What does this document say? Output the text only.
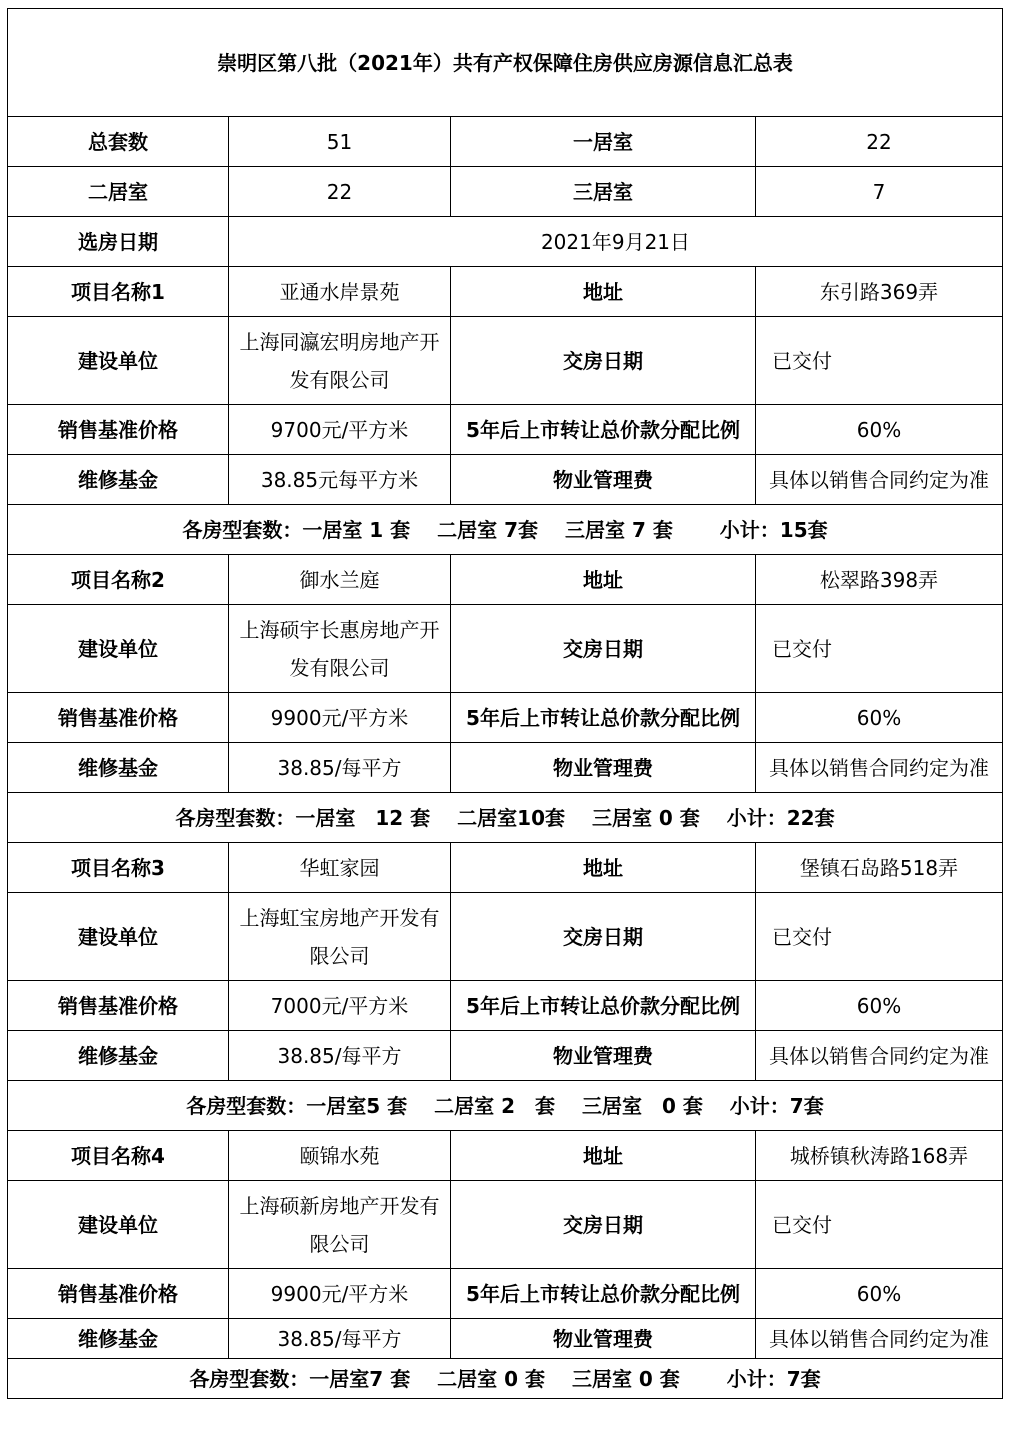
崇明区第八批（2021年）共有产权保障住房供应房源信息汇总表			
总套数	51	一居室	22
二居室	22	三居室	7
选房日期	2021年9月21日		
项目名称1	亚通水岸景苑	地址	东引路369弄
建设单位	上海同瀛宏明房地产开发有限公司	交房日期	已交付
销售基准价格	9700元/平方米	5年后上市转让总价款分配比例	60%
维修基金	38.85元每平方米	物业管理费	具体以销售合同约定为准
各房型套数：一居室 1 套　 二居室 7套　 三居室 7 套　　 小计：15套			
项目名称2	御水兰庭	地址	松翠路398弄
建设单位	上海硕宇长惠房地产开发有限公司	交房日期	已交付
销售基准价格	9900元/平方米	5年后上市转让总价款分配比例	60%
维修基金	38.85/每平方	物业管理费	具体以销售合同约定为准
各房型套数：一居室　12 套　 二居室10套　 三居室 0 套　 小计：22套			
项目名称3	华虹家园	地址	堡镇石岛路518弄
建设单位	上海虹宝房地产开发有限公司	交房日期	已交付
销售基准价格	7000元/平方米	5年后上市转让总价款分配比例	60%
维修基金	38.85/每平方	物业管理费	具体以销售合同约定为准
各房型套数：一居室5 套　 二居室 2　套　 三居室　0 套　 小计：7套			
项目名称4	颐锦水苑	地址	城桥镇秋涛路168弄
建设单位	上海硕新房地产开发有限公司	交房日期	已交付
销售基准价格	9900元/平方米	5年后上市转让总价款分配比例	60%
维修基金	38.85/每平方	物业管理费	具体以销售合同约定为准
各房型套数：一居室7 套　 二居室 0 套　 三居室 0 套　　 小计：7套			
